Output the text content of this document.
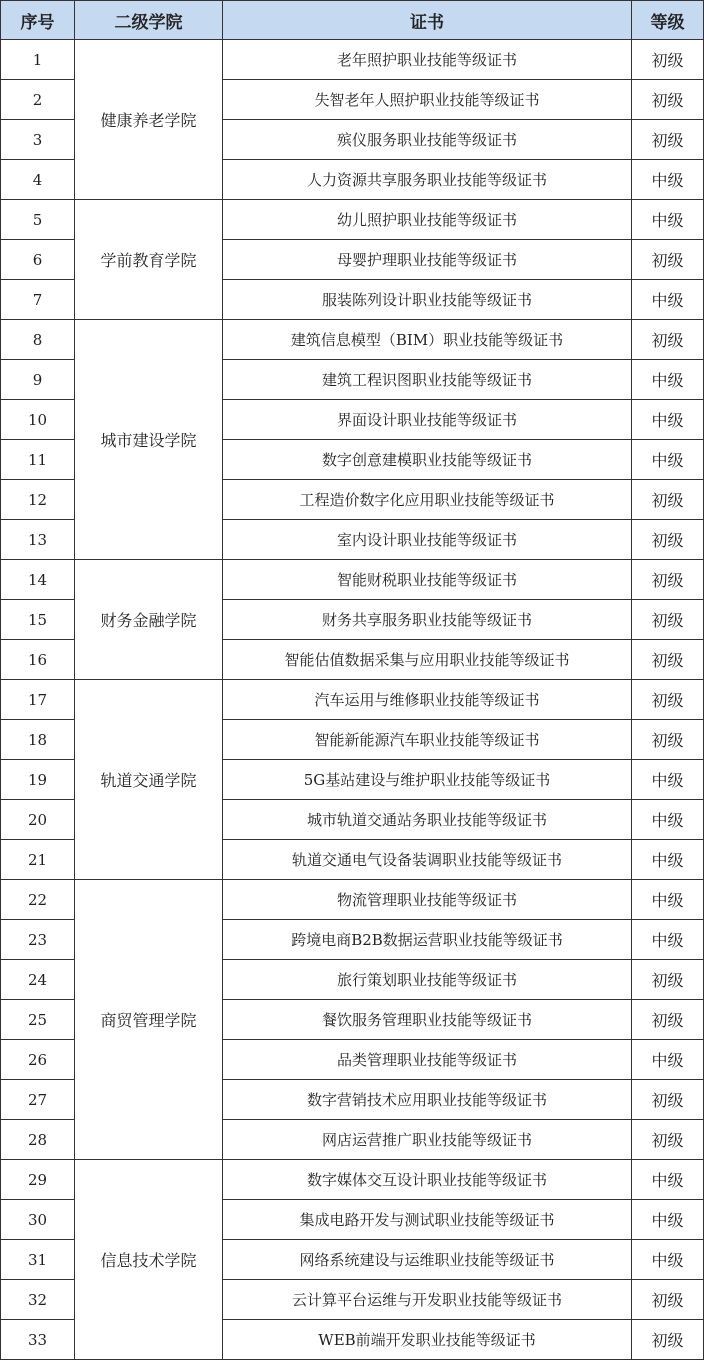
序号	二级学院	证书	等级
1	健康养老学院	老年照护职业技能等级证书	初级
2		失智老年人照护职业技能等级证书	初级
3		殡仪服务职业技能等级证书	初级
4		人力资源共享服务职业技能等级证书	中级
5	学前教育学院	幼儿照护职业技能等级证书	中级
6		母婴护理职业技能等级证书	初级
7		服装陈列设计职业技能等级证书	中级
8	城市建设学院	建筑信息模型（BIM）职业技能等级证书	初级
9		建筑工程识图职业技能等级证书	中级
10		界面设计职业技能等级证书	中级
11		数字创意建模职业技能等级证书	中级
12		工程造价数字化应用职业技能等级证书	初级
13		室内设计职业技能等级证书	初级
14	财务金融学院	智能财税职业技能等级证书	初级
15		财务共享服务职业技能等级证书	初级
16		智能估值数据采集与应用职业技能等级证书	初级
17	轨道交通学院	汽车运用与维修职业技能等级证书	初级
18		智能新能源汽车职业技能等级证书	初级
19		5G基站建设与维护职业技能等级证书	中级
20		城市轨道交通站务职业技能等级证书	中级
21		轨道交通电气设备装调职业技能等级证书	中级
22	商贸管理学院	物流管理职业技能等级证书	中级
23		跨境电商B2B数据运营职业技能等级证书	中级
24		旅行策划职业技能等级证书	初级
25		餐饮服务管理职业技能等级证书	初级
26		品类管理职业技能等级证书	中级
27		数字营销技术应用职业技能等级证书	初级
28		网店运营推广职业技能等级证书	初级
29	信息技术学院	数字媒体交互设计职业技能等级证书	中级
30		集成电路开发与测试职业技能等级证书	中级
31		网络系统建设与运维职业技能等级证书	中级
32		云计算平台运维与开发职业技能等级证书	初级
33		WEB前端开发职业技能等级证书	初级
